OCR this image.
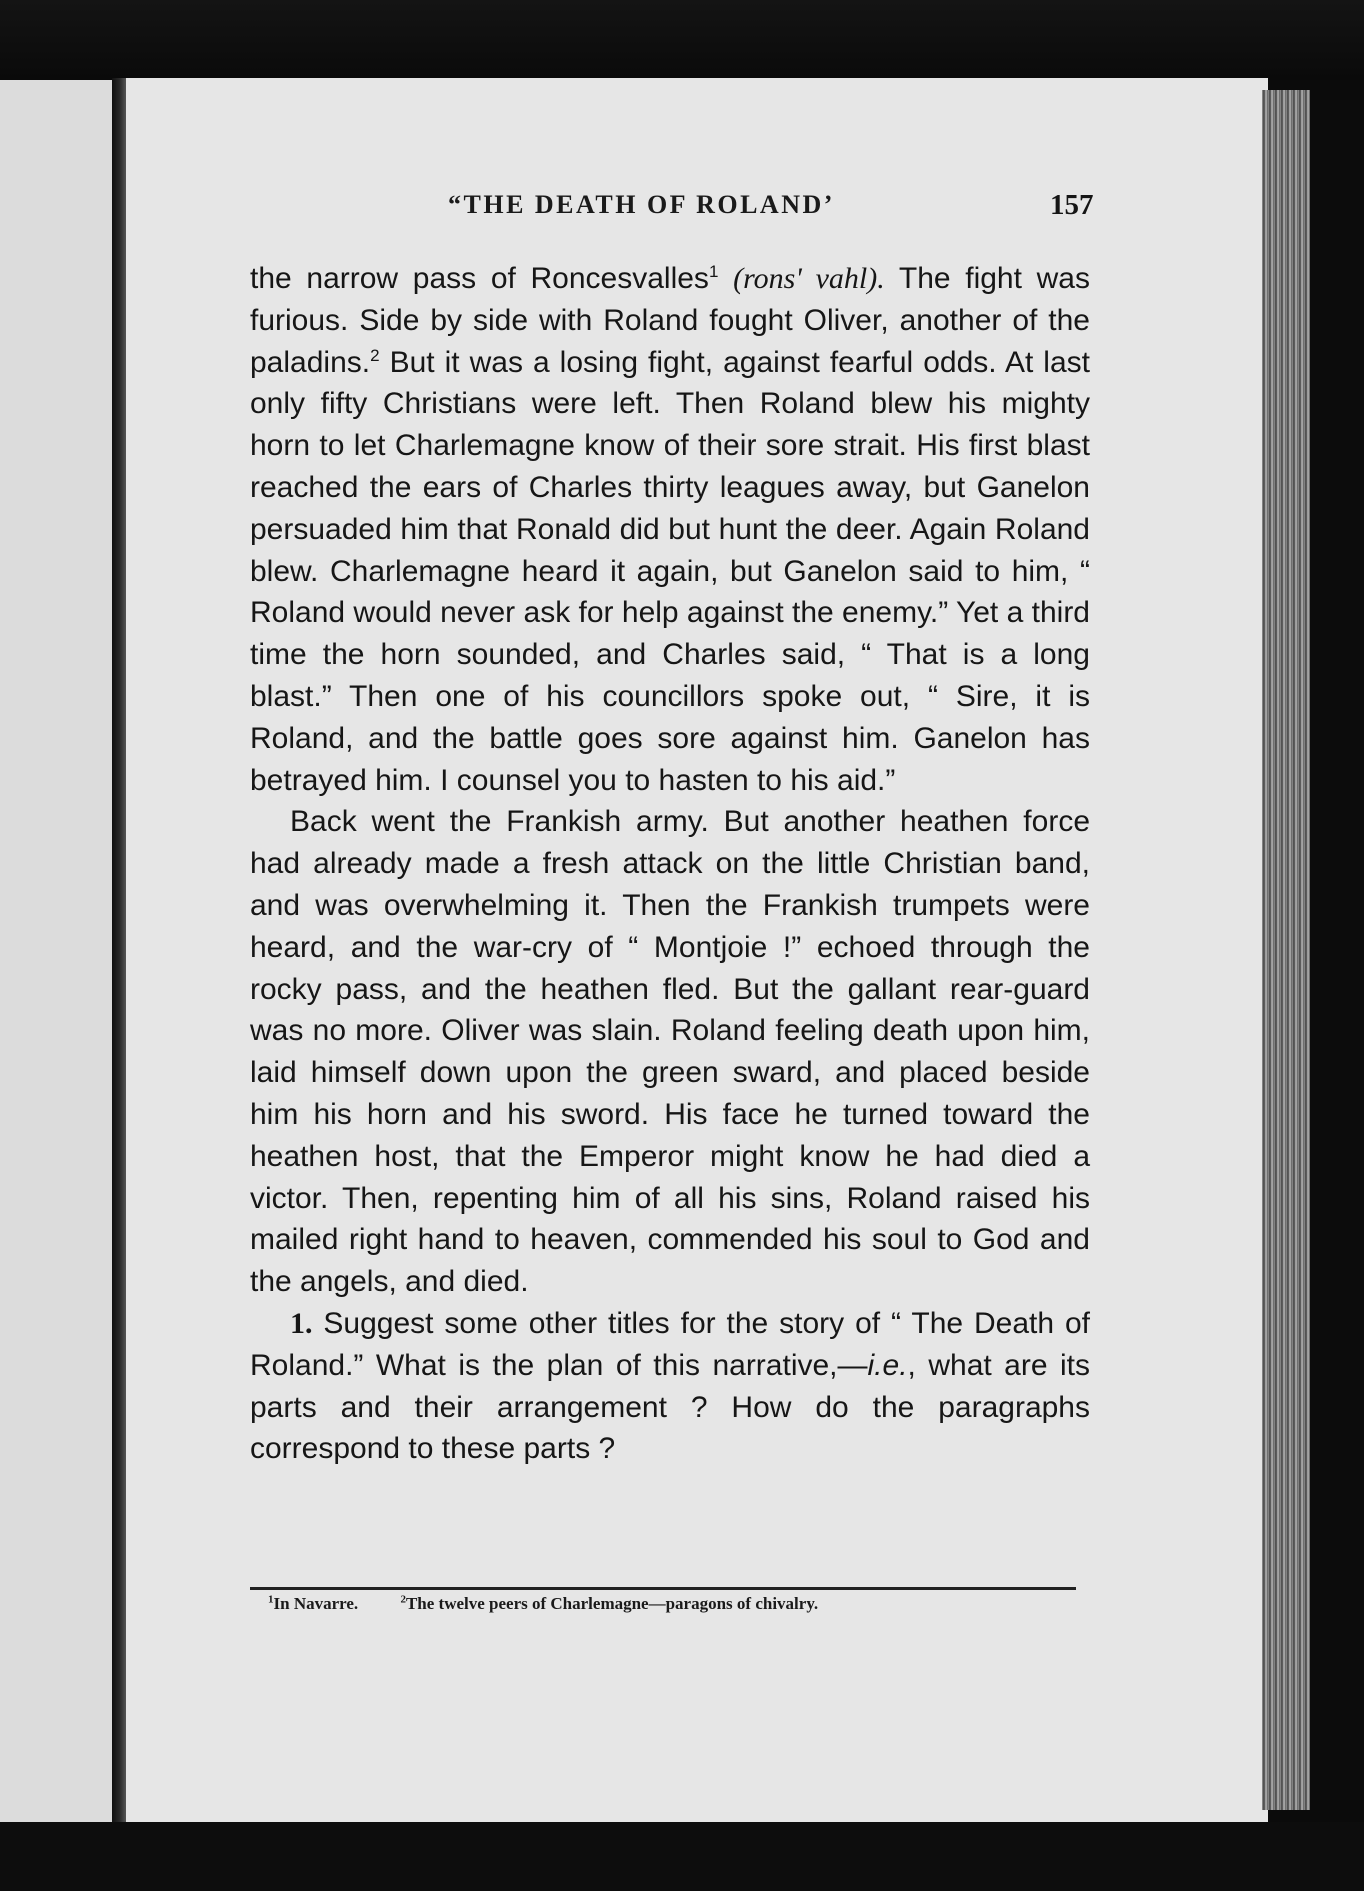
“THE DEATH OF ROLAND’	157

the narrow pass of Roncesvalles$^1$ (rons' vahl). The fight was furious. Side by side with Roland fought Oliver, another of the paladins.$^2$ But it was a losing fight, against fearful odds. At last only fifty Christians were left. Then Roland blew his mighty horn to let Charlemagne know of their sore strait. His first blast reached the ears of Charles thirty leagues away, but Ganelon persuaded him that Ronald did but hunt the deer. Again Roland blew. Charlemagne heard it again, but Ganelon said to him, “ Roland would never ask for help against the enemy.” Yet a third time the horn sounded, and Charles said, “ That is a long blast.” Then one of his councillors spoke out, “ Sire, it is Roland, and the battle goes sore against him. Ganelon has betrayed him. I counsel you to hasten to his aid.”

Back went the Frankish army. But another heathen force had already made a fresh attack on the little Christian band, and was overwhelming it. Then the Frankish trumpets were heard, and the war-cry of “ Montjoie !” echoed through the rocky pass, and the heathen fled. But the gallant rear-guard was no more. Oliver was slain. Roland feeling death upon him, laid himself down upon the green sward, and placed beside him his horn and his sword. His face he turned toward the heathen host, that the Emperor might know he had died a victor. Then, repenting him of all his sins, Roland raised his mailed right hand to heaven, commended his soul to God and the angels, and died.

1. Suggest some other titles for the story of “ The Death of Roland.” What is the plan of this narrative,—i.e., what are its parts and their arrangement ? How do the paragraphs correspond to these parts ?

$^1$In Navarre.	$^2$The twelve peers of Charlemagne—paragons of chivalry.
